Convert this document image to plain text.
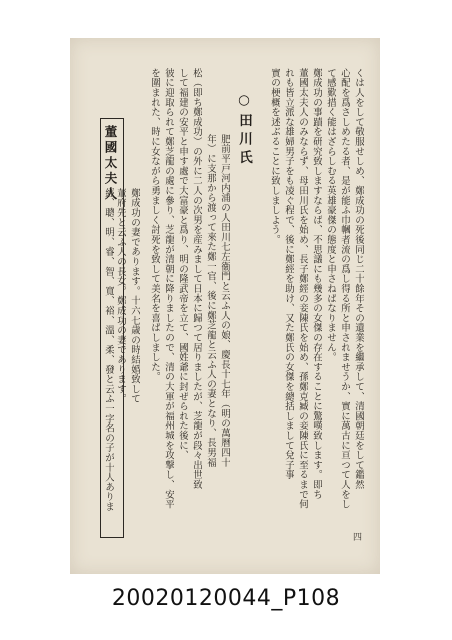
四
くは人をして敬服せしめ、鄭成功の死後同じ二十餘年その遺業を繼承して、清國朝廷をして鑑然
心配を爲さしめたる者、是が能ふ巾幗者流の爲し得る所と申されませうか、實に萬古に亘つて人をし
て感歎措く能はざらしむる英雄豪傑の態度と申さねばなりません。
鄭成功の事蹟を研究致しますならば、不思議にも幾多の女傑の存在することに驚嘆致します。即ち
董國太夫人のみならず、母田川氏を始め、長子鄭經の妾陳氏を始め、孫鄭克臧の妾陳氏に至るまで何
れも皆立派な雄婦男子をも凌ぐ程で、後に鄭經を助け、又た鄭氏の女傑を總括しまして兌子事
實の梗概を述ぶることに致しましよう。
○田川氏
肥前平戸河内浦の人田川七左衞門と云ふ人の娘、慶長十七年（明の萬曆四十
年）に支那から渡って來た鄭一官、後に鄭芝龍と云ふ人の妻となり、長男福
松（即ち鄭成功）の外に二人の次男を産みまして日本に歸つて居りましたが、芝龍が段々出世致
して福建の安平と申す處で大富豪と爲り、明の隆武帝を立て、國姓爺に封ぜられた後に、
彼に迎取られて鄭芝龍の處に參り、芝龍が清朝に降りましたので、清の大軍が福州城を攻撃し、安平
を圍まれた、時に女ながら勇ましく討死を致して美名を喜ばしました。
鄭成功の妻であります。十六七歳の時結婚致して
董府先と云ふ人の長女。鄭成功の妻であります。
董國太夫人
經、聰、明、睿、智、寬、裕、溫、柔、發と云ふ一字名の子が十人ありま
20020120044_P108
